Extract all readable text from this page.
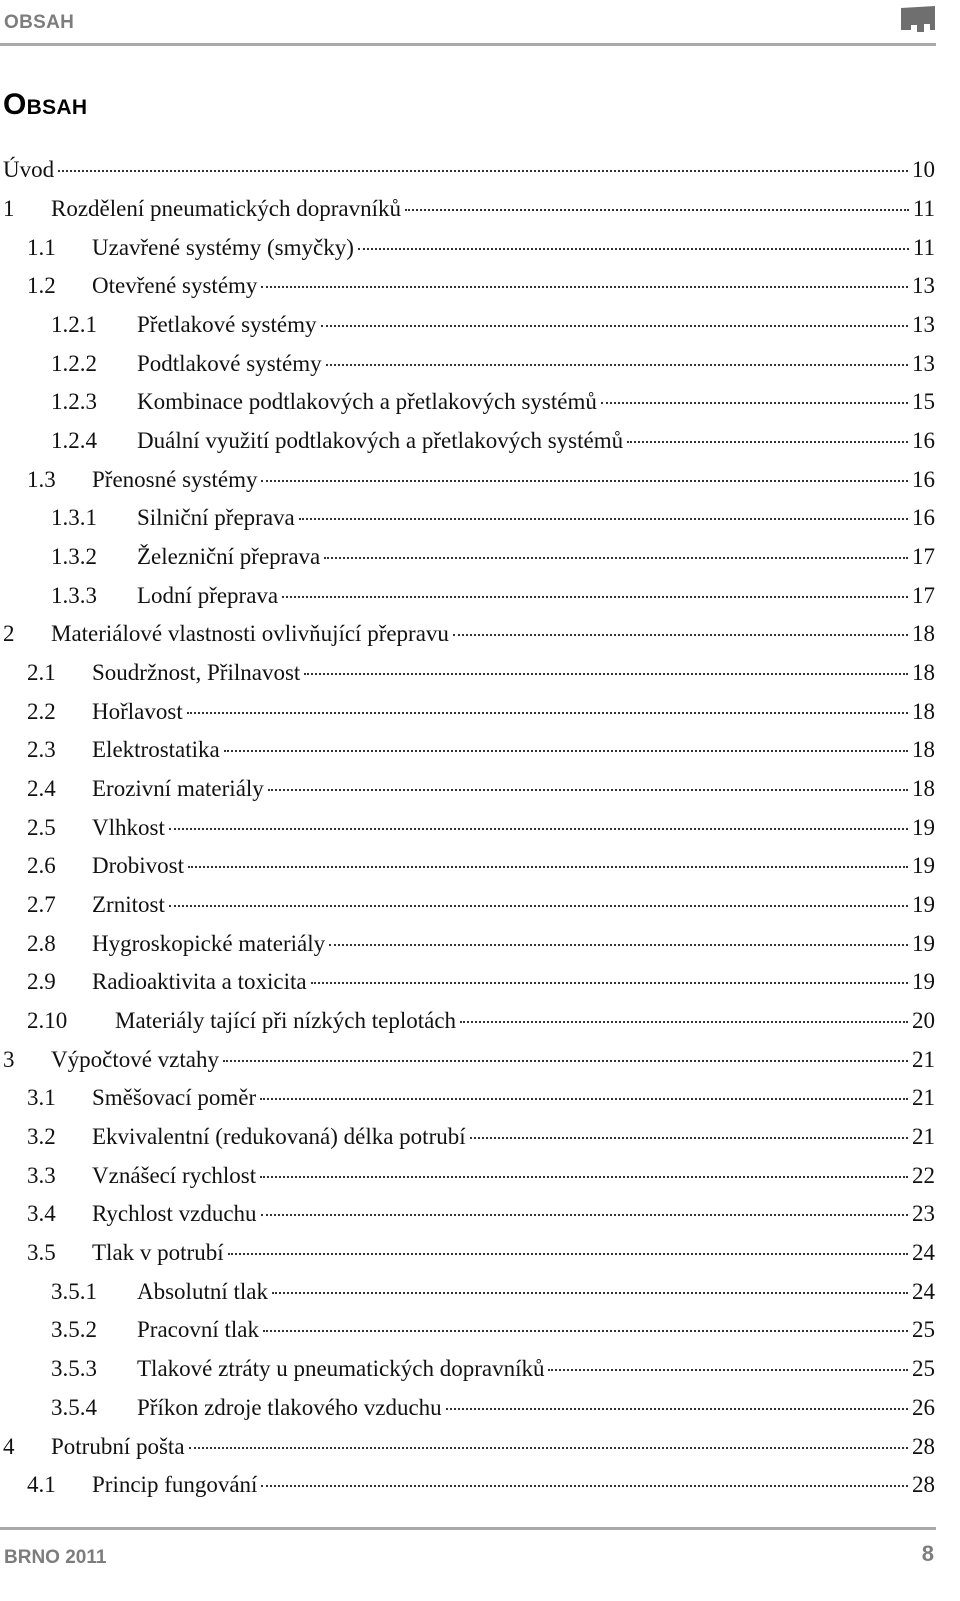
OBSAH
Obsah
Úvod	10
1 Rozdělení pneumatických dopravníků	11
1.1 Uzavřené systémy (smyčky)	11
1.2 Otevřené systémy	13
1.2.1 Přetlakové systémy	13
1.2.2 Podtlakové systémy	13
1.2.3 Kombinace podtlakových a přetlakových systémů	15
1.2.4 Duální využití podtlakových a přetlakových systémů	16
1.3 Přenosné systémy	16
1.3.1 Silniční přeprava	16
1.3.2 Železniční přeprava	17
1.3.3 Lodní přeprava	17
2 Materiálové vlastnosti ovlivňující přepravu	18
2.1 Soudržnost, Přilnavost	18
2.2 Hořlavost	18
2.3 Elektrostatika	18
2.4 Erozivní materiály	18
2.5 Vlhkost	19
2.6 Drobivost	19
2.7 Zrnitost	19
2.8 Hygroskopické materiály	19
2.9 Radioaktivita a toxicita	19
2.10 Materiály tající při nízkých teplotách	20
3 Výpočtové vztahy	21
3.1 Směšovací poměr	21
3.2 Ekvivalentní (redukovaná) délka potrubí	21
3.3 Vznášecí rychlost	22
3.4 Rychlost vzduchu	23
3.5 Tlak v potrubí	24
3.5.1 Absolutní tlak	24
3.5.2 Pracovní tlak	25
3.5.3 Tlakové ztráty u pneumatických dopravníků	25
3.5.4 Příkon zdroje tlakového vzduchu	26
4 Potrubní pošta	28
4.1 Princip fungování	28
BRNO 2011	8
